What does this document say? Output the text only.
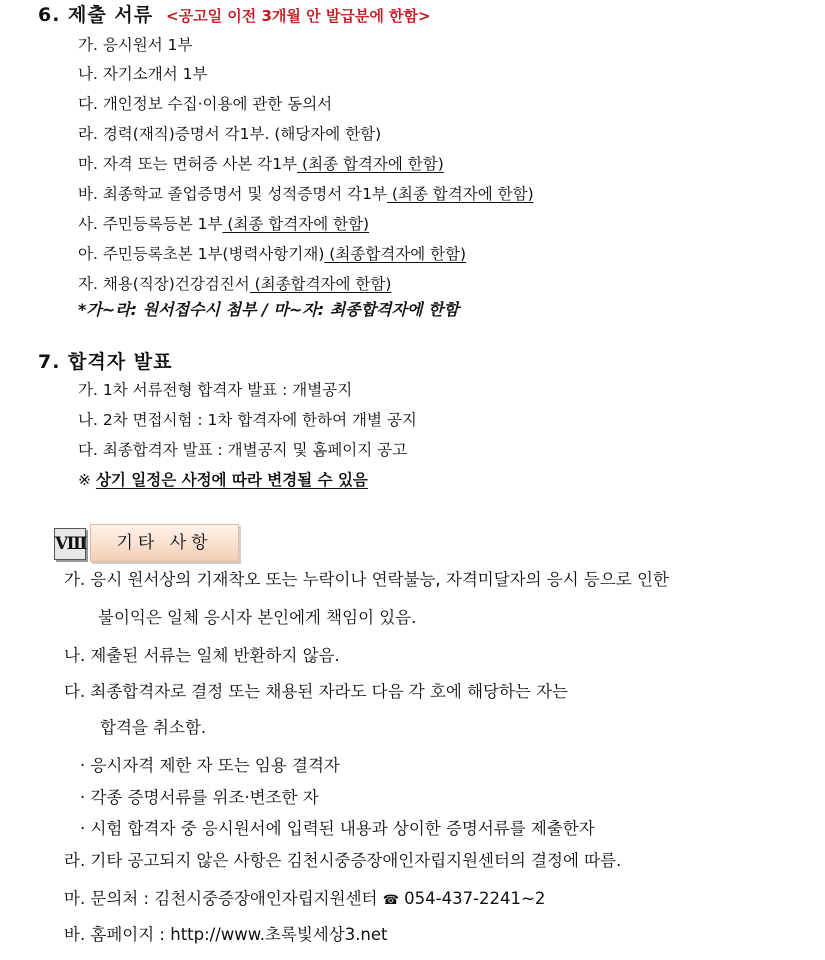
6. 제출 서류 <공고일 이전 3개월 안 발급분에 한함>
가. 응시원서 1부
나. 자기소개서 1부
다. 개인정보 수집·이용에 관한 동의서
라. 경력(재직)증명서 각1부. (해당자에 한함)
마. 자격 또는 면허증 사본 각1부 (최종 합격자에 한함)
바. 최종학교 졸업증명서 및 성적증명서 각1부 (최종 합격자에 한함)
사. 주민등록등본 1부 (최종 합격자에 한함)
아. 주민등록초본 1부(병력사항기재) (최종합격자에 한함)
자. 채용(직장)건강검진서 (최종합격자에 한함)
*가~라: 원서접수시 첨부 / 마~자: 최종합격자에 한함
7. 합격자 발표
가. 1차 서류전형 합격자 발표 : 개별공지
나. 2차 면접시험 : 1차 합격자에 한하여 개별 공지
다. 최종합격자 발표 : 개별공지 및 홈페이지 공고
※ 상기 일정은 사정에 따라 변경될 수 있음
Ⅷ	기타 사항
가. 응시 원서상의 기재착오 또는 누락이나 연락불능, 자격미달자의 응시 등으로 인한
불이익은 일체 응시자 본인에게 책임이 있음.
나. 제출된 서류는 일체 반환하지 않음.
다. 최종합격자로 결정 또는 채용된 자라도 다음 각 호에 해당하는 자는
합격을 취소함.
· 응시자격 제한 자 또는 임용 결격자
· 각종 증명서류를 위조·변조한 자
· 시험 합격자 중 응시원서에 입력된 내용과 상이한 증명서류를 제출한자
라. 기타 공고되지 않은 사항은 김천시중증장애인자립지원센터의 결정에 따름.
마. 문의처 : 김천시중증장애인자립지원센터 ☎ 054-437-2241~2
바. 홈페이지 : http://www.초록빛세상3.net
